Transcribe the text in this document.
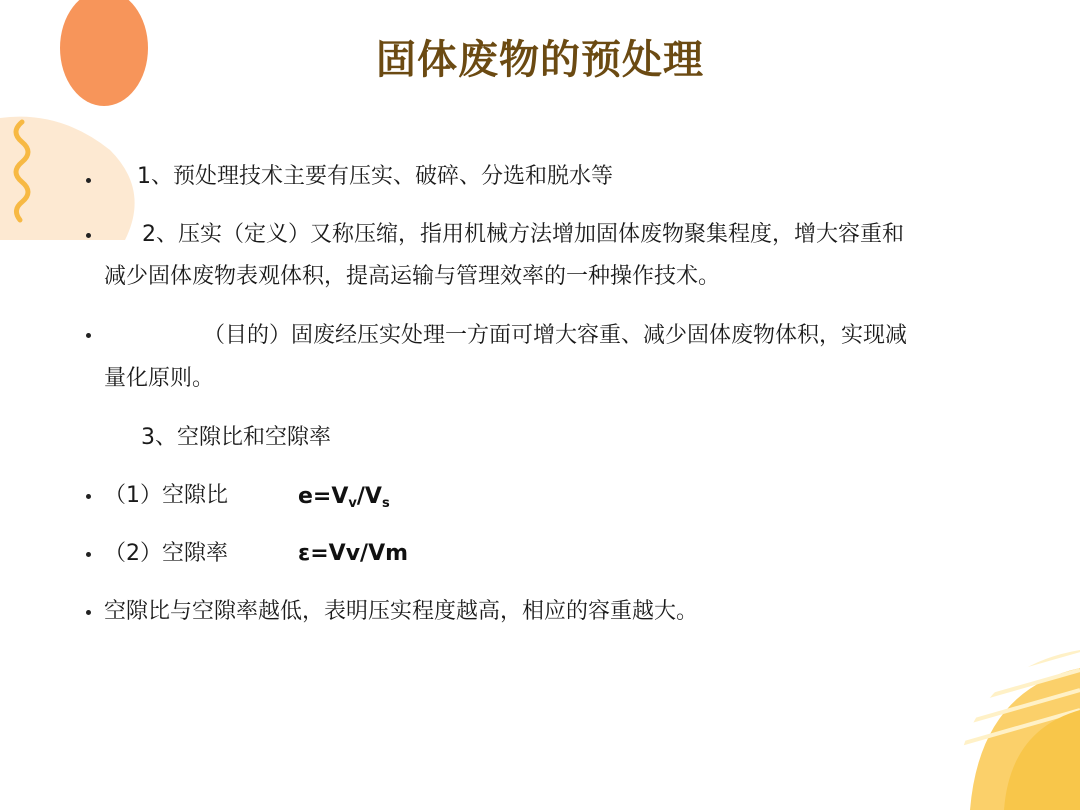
固体废物的预处理
1、预处理技术主要有压实、破碎、分选和脱水等
2、压实（定义）又称压缩，指用机械方法增加固体废物聚集程度，增大容重和
减少固体废物表观体积，提高运输与管理效率的一种操作技术。
（目的）固废经压实处理一方面可增大容重、减少固体废物体积，实现减
量化原则。
3、空隙比和空隙率
（1）空隙比	$e=V_v/V_s$
（2）空隙率	ε=Vv/Vm
空隙比与空隙率越低，表明压实程度越高，相应的容重越大。
